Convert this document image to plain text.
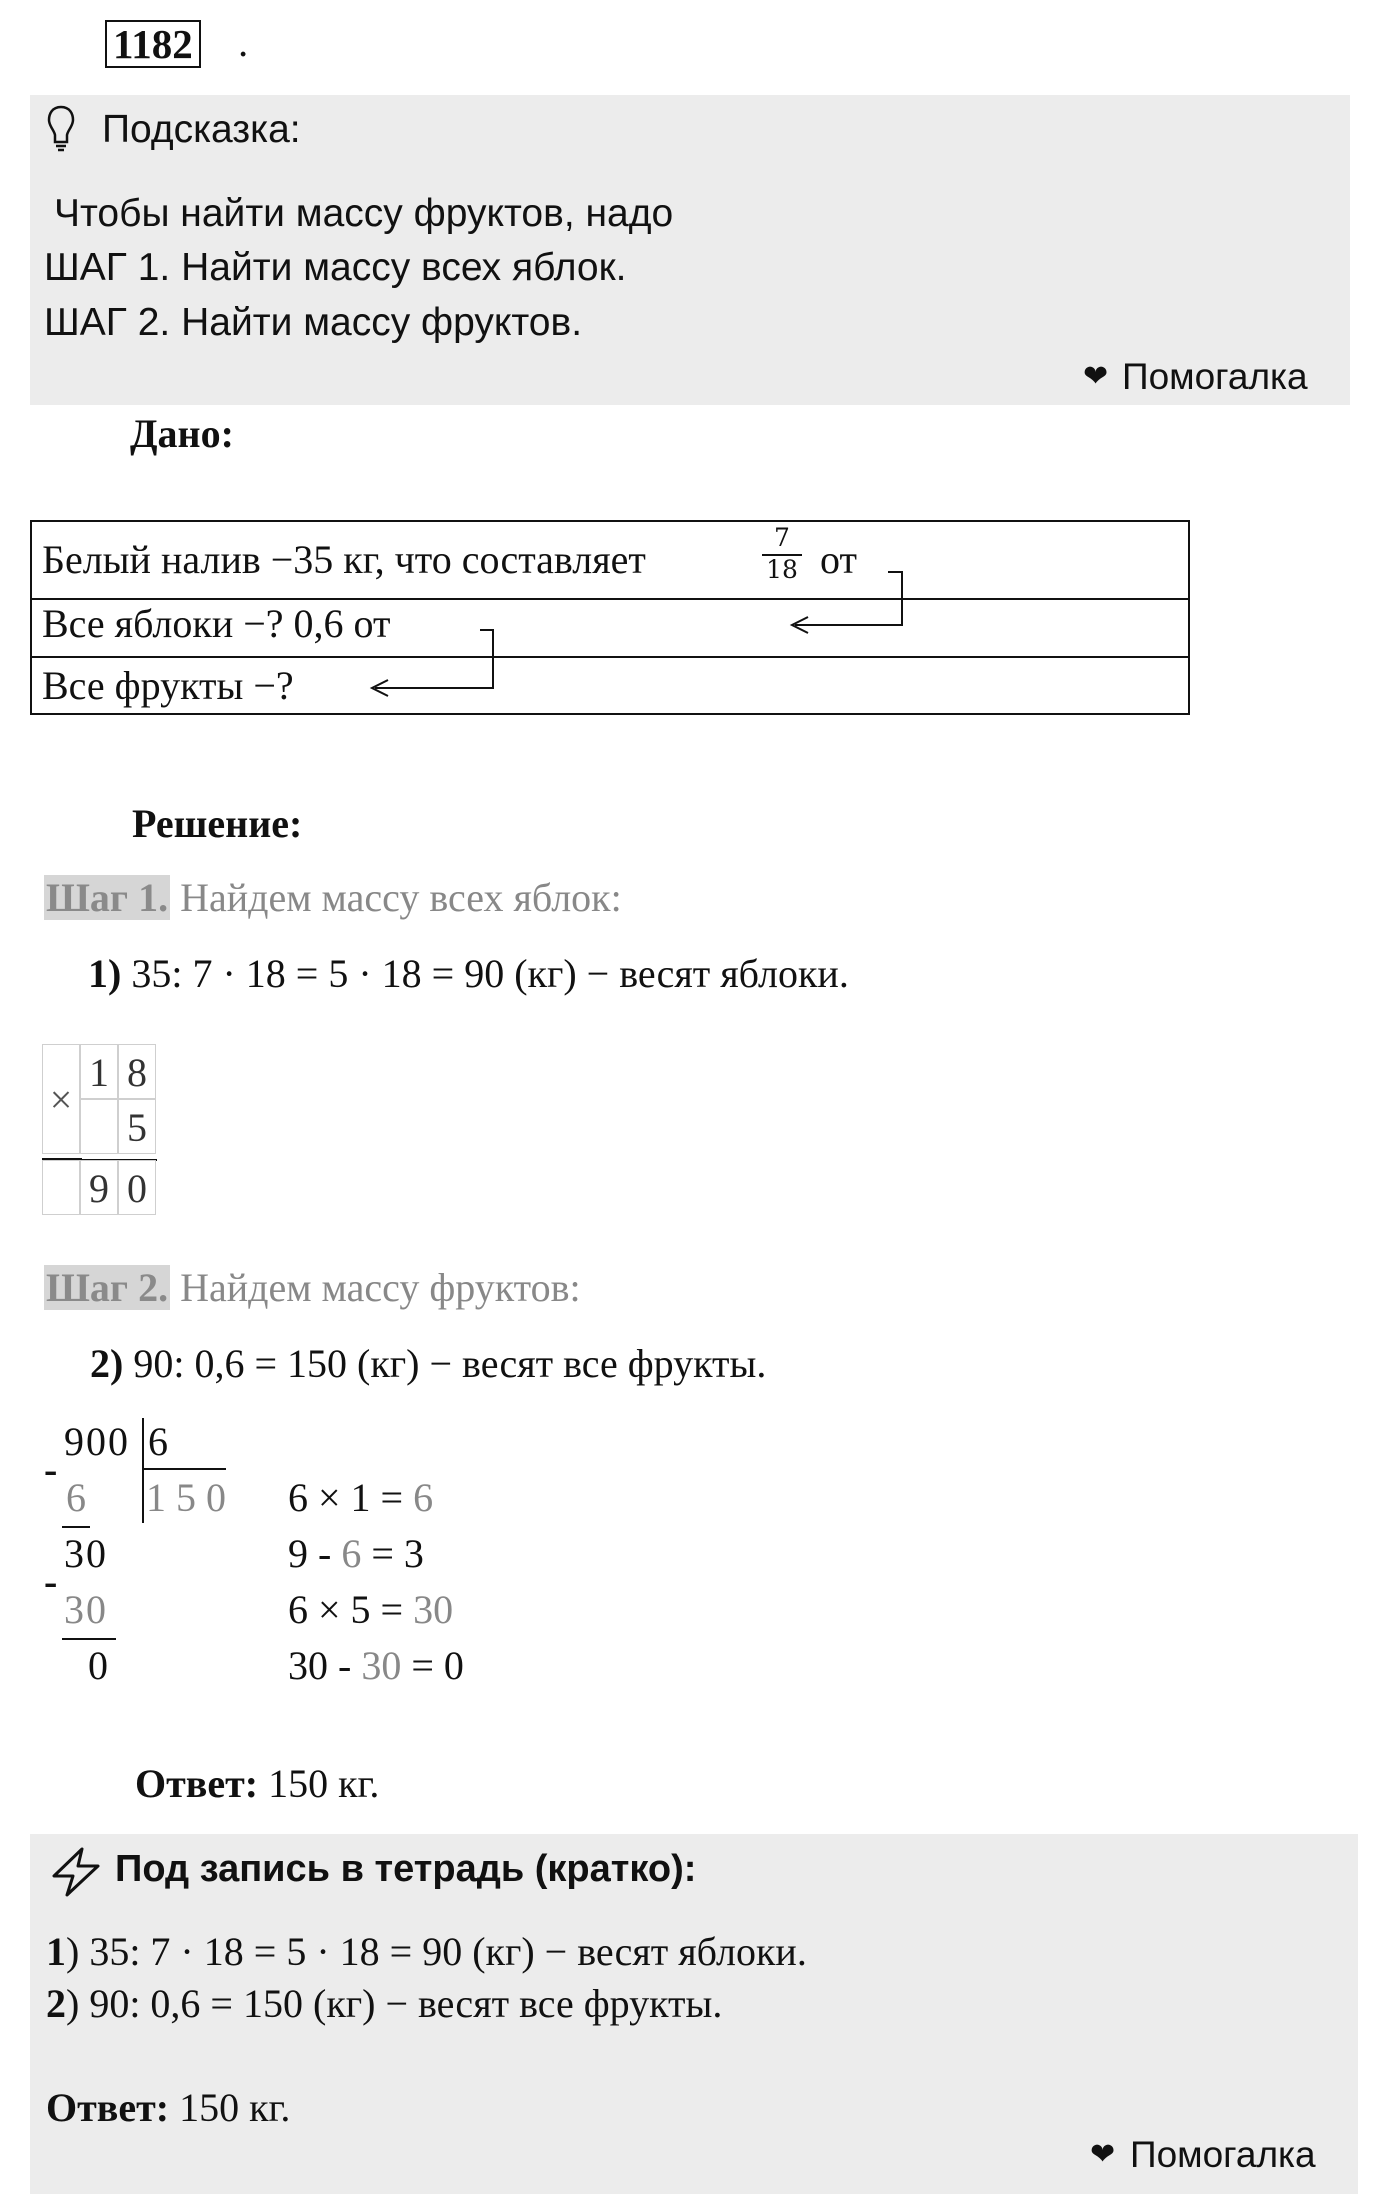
1182 .
Подсказка:
Чтобы найти массу фруктов, надо
ШАГ 1. Найти массу всех яблок.
ШАГ 2. Найти массу фруктов.
❤ Помогалка
Дано:
Белый налив −35 кг, что составляет	$\frac{7}{18}$ от
Все яблоки −? 0,6 от
Все фрукты −?
Решение:
Шаг 1. Найдем массу всех яблок:
1) 35: 7 · 18 = 5 · 18 = 90 (кг) − весят яблоки.
×
1 8
5
9 0
Шаг 2. Найдем массу фруктов:
2) 90: 0,6 = 150 (кг) − весят все фрукты.
900 6
1 5 0
-
6
30
-
30
0
6 × 1 = 6
9 - 6 = 3
6 × 5 = 30
30 - 30 = 0
Ответ: 150 кг.
Под запись в тетрадь (кратко):
1) 35: 7 · 18 = 5 · 18 = 90 (кг) − весят яблоки.
2) 90: 0,6 = 150 (кг) − весят все фрукты.
Ответ: 150 кг.
❤ Помогалка
